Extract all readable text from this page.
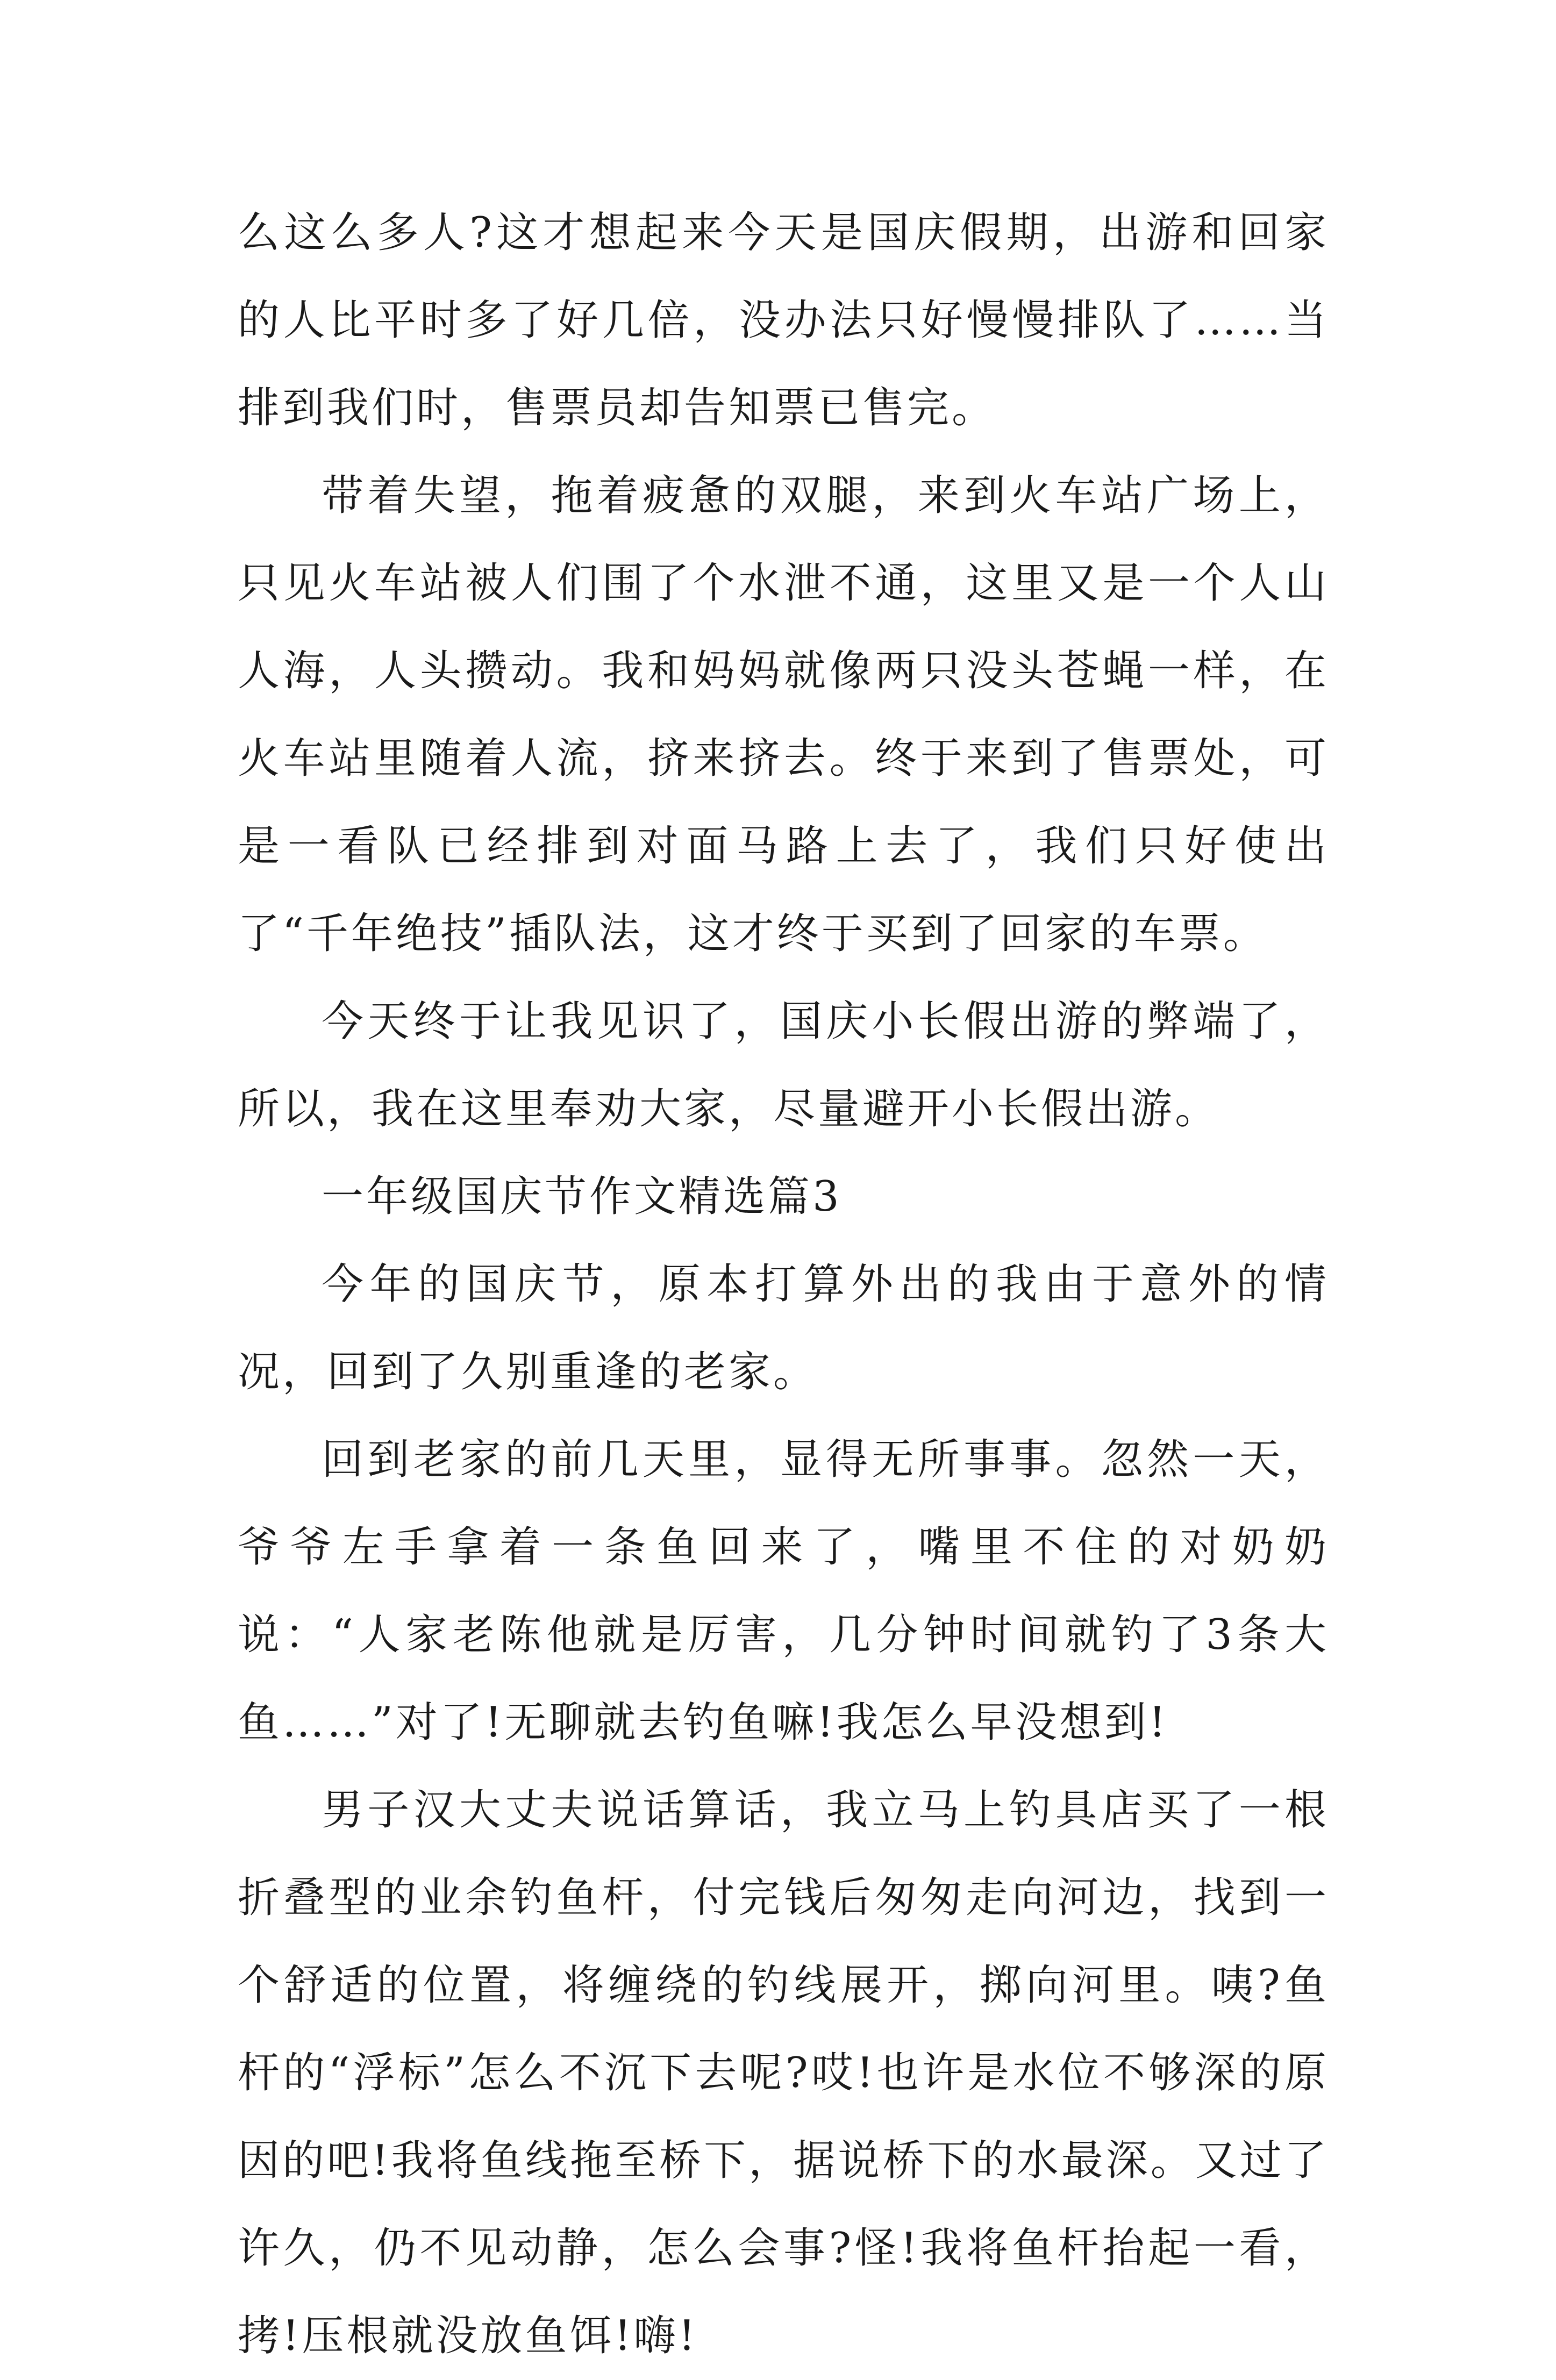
么这么多人?这才想起来今天是国庆假期，出游和回家的人比平时多了好几倍，没办法只好慢慢排队了……当排到我们时，售票员却告知票已售完。

带着失望，拖着疲惫的双腿，来到火车站广场上，只见火车站被人们围了个水泄不通，这里又是一个人山人海，人头攒动。我和妈妈就像两只没头苍蝇一样，在火车站里随着人流，挤来挤去。终于来到了售票处，可是一看队已经排到对面马路上去了，我们只好使出了“千年绝技”插队法，这才终于买到了回家的车票。

今天终于让我见识了，国庆小长假出游的弊端了，所以，我在这里奉劝大家，尽量避开小长假出游。

一年级国庆节作文精选篇3

今年的国庆节，原本打算外出的我由于意外的情况，回到了久别重逢的老家。

回到老家的前几天里，显得无所事事。忽然一天，爷爷左手拿着一条鱼回来了，嘴里不住的对奶奶说：“人家老陈他就是厉害，几分钟时间就钓了3条大鱼……”对了!无聊就去钓鱼嘛!我怎么早没想到!

男子汉大丈夫说话算话，我立马上钓具店买了一根折叠型的业余钓鱼杆，付完钱后匆匆走向河边，找到一个舒适的位置，将缠绕的钓线展开，掷向河里。咦?鱼杆的“浮标”怎么不沉下去呢?哎!也许是水位不够深的原因的吧!我将鱼线拖至桥下，据说桥下的水最深。又过了许久，仍不见动静，怎么会事?怪!我将鱼杆抬起一看，拷!压根就没放鱼饵!嗨!
